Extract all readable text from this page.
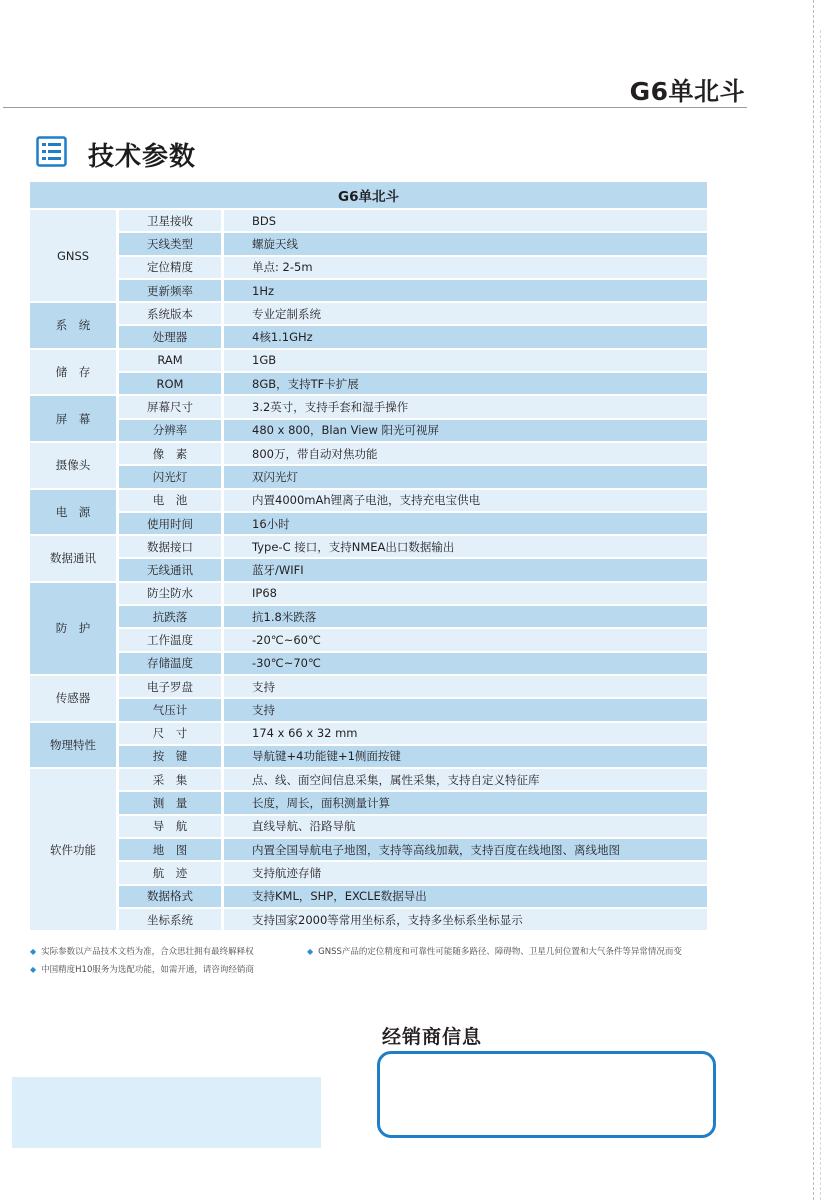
G6单北斗
技术参数
G6单北斗		
GNSS	卫星接收	BDS
	天线类型	螺旋天线
	定位精度	单点: 2-5m
	更新频率	1Hz
系　统	系统版本	专业定制系统
	处理器	4核1.1GHz
储　存	RAM	1GB
	ROM	8GB，支持TF卡扩展
屏　幕	屏幕尺寸	3.2英寸，支持手套和湿手操作
	分辨率	480 x 800，Blan View 阳光可视屏
摄像头	像　素	800万，带自动对焦功能
	闪光灯	双闪光灯
电　源	电　池	内置4000mAh锂离子电池，支持充电宝供电
	使用时间	16小时
数据通讯	数据接口	Type-C 接口，支持NMEA出口数据输出
	无线通讯	蓝牙/WIFI
防　护	防尘防水	IP68
	抗跌落	抗1.8米跌落
	工作温度	-20℃~60℃
	存储温度	-30℃~70℃
传感器	电子罗盘	支持
	气压计	支持
物理特性	尺　寸	174 x 66 x 32 mm
	按　键	导航键+4功能键+1侧面按键
软件功能	采　集	点、线、面空间信息采集，属性采集，支持自定义特征库
	测　量	长度，周长，面积测量计算
	导　航	直线导航、沿路导航
	地　图	内置全国导航电子地图，支持等高线加载，支持百度在线地图、离线地图
	航　迹	支持航迹存储
	数据格式	支持KML，SHP，EXCLE数据导出
	坐标系统	支持国家2000等常用坐标系，支持多坐标系坐标显示
◆ 实际参数以产品技术文档为准，合众思壮拥有最终解释权
◆ 中国精度H10服务为选配功能，如需开通，请咨询经销商
◆ GNSS产品的定位精度和可靠性可能随多路径、障碍物、卫星几何位置和大气条件等异常情况而变
经销商信息
